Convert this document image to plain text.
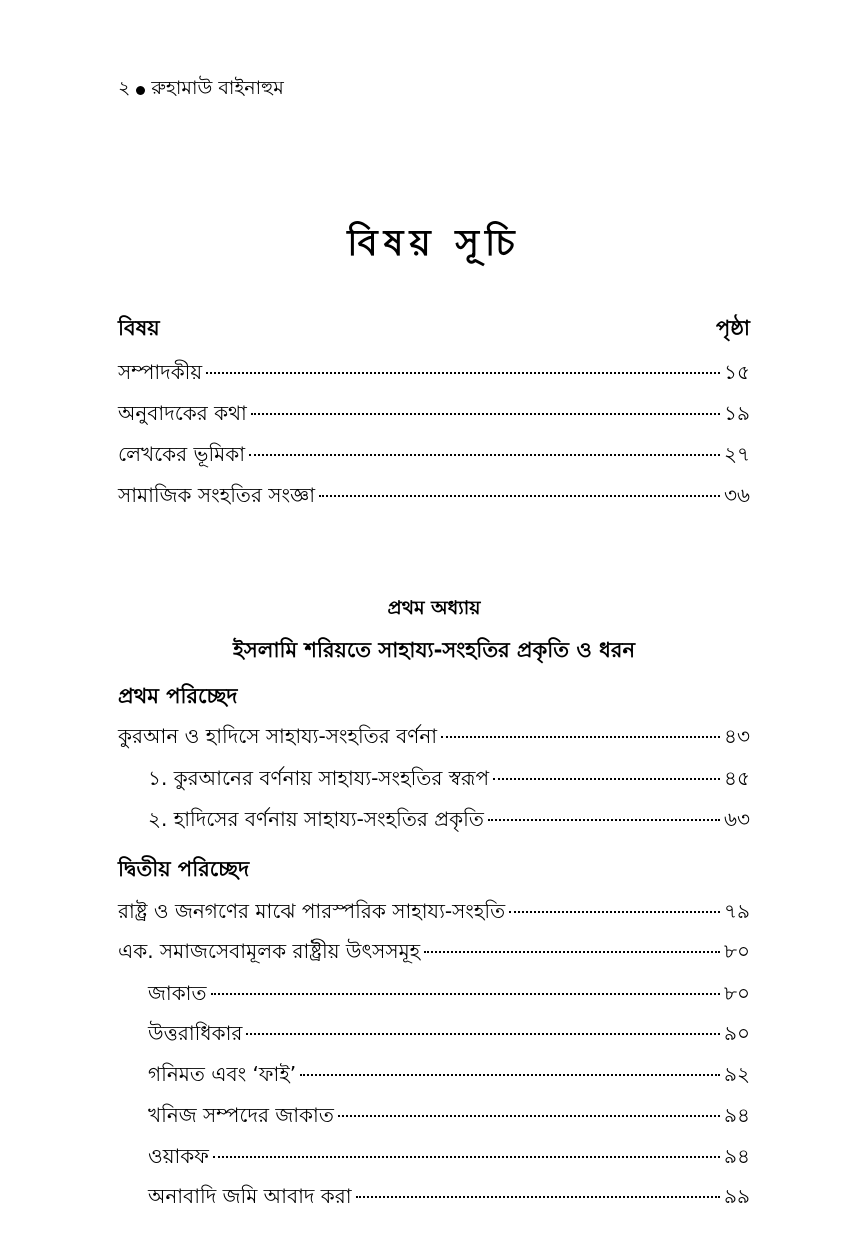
২ রুহামাউ বাইনাহুম
বিষয় সূচি
বিষয়	পৃষ্ঠা
সম্পাদকীয়	১৫
অনুবাদকের কথা	১৯
লেখকের ভূমিকা	২৭
সামাজিক সংহতির সংজ্ঞা	৩৬
প্রথম অধ্যায়
ইসলামি শরিয়তে সাহায্য-সংহতির প্রকৃতি ও ধরন
প্রথম পরিচ্ছেদ
কুরআন ও হাদিসে সাহায্য-সংহতির বর্ণনা	৪৩
১. কুরআনের বর্ণনায় সাহায্য-সংহতির স্বরূপ	৪৫
২. হাদিসের বর্ণনায় সাহায্য-সংহতির প্রকৃতি	৬৩
দ্বিতীয় পরিচ্ছেদ
রাষ্ট্র ও জনগণের মাঝে পারস্পরিক সাহায্য-সংহতি	৭৯
এক. সমাজসেবামূলক রাষ্ট্রীয় উৎসসমূহ	৮০
জাকাত	৮০
উত্তরাধিকার	৯০
গনিমত এবং ‘ফাই’	৯২
খনিজ সম্পদের জাকাত	৯৪
ওয়াকফ	৯৪
অনাবাদি জমি আবাদ করা	৯৯
